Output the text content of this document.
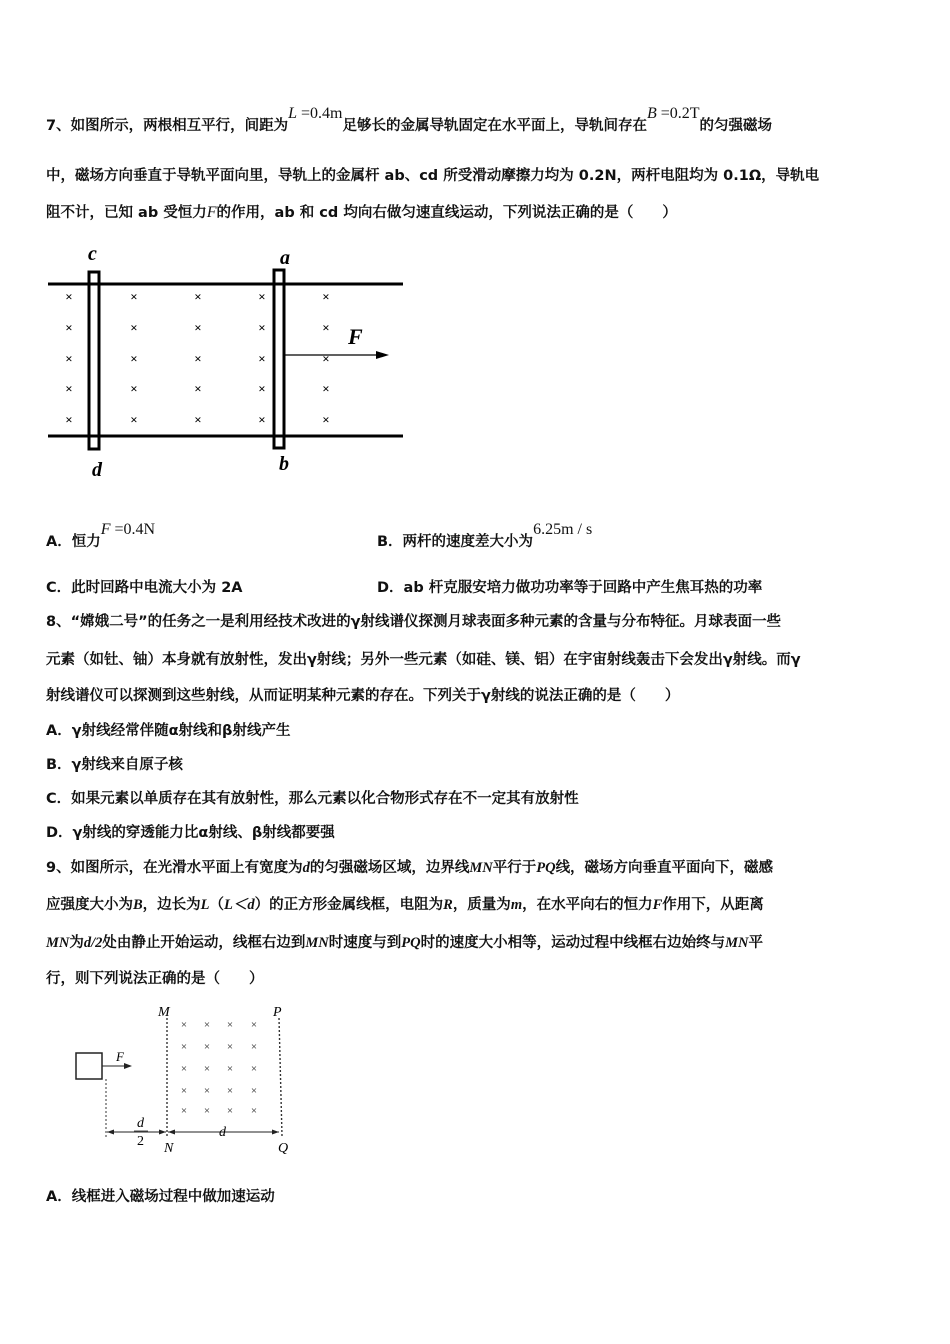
7、如图所示，两根相互平行，间距为L =0.4m足够长的金属导轨固定在水平面上，导轨间存在B =0.2T的匀强磁场
中，磁场方向垂直于导轨平面向里，导轨上的金属杆 ab、cd 所受滑动摩擦力均为 0.2N，两杆电阻均为 0.1Ω，导轨电
阻不计，已知 ab 受恒力F的作用，ab 和 cd 均向右做匀速直线运动，下列说法正确的是（　　）
c	a
d	b
F
×
×
×
×
×
×
×
×
×
×
×
×
×
×
×
×
×
×
×
×
×
×
×
×
×
A．恒力F =0.4N
B．两杆的速度差大小为6.25m / s
C．此时回路中电流大小为 2A	D．ab 杆克服安培力做功功率等于回路中产生焦耳热的功率
8、“嫦娥二号”的任务之一是利用经技术改进的γ射线谱仪探测月球表面多种元素的含量与分布特征。月球表面一些
元素（如钍、铀）本身就有放射性，发出γ射线；另外一些元素（如硅、镁、铝）在宇宙射线轰击下会发出γ射线。而γ
射线谱仪可以探测到这些射线，从而证明某种元素的存在。下列关于γ射线的说法正确的是（　　）
A．γ射线经常伴随α射线和β射线产生
B．γ射线来自原子核
C．如果元素以单质存在其有放射性，那么元素以化合物形式存在不一定其有放射性
D．γ射线的穿透能力比α射线、β射线都要强
9、如图所示，在光滑水平面上有宽度为d的匀强磁场区域，边界线MN平行于PQ线，磁场方向垂直平面向下，磁感
应强度大小为B，边长为L（L＜d）的正方形金属线框，电阻为R，质量为m，在水平向右的恒力F作用下，从距离
MN为d/2处由静止开始运动，线框右边到MN时速度与到PQ时的速度大小相等，运动过程中线框右边始终与MN平
行，则下列说法正确的是（　　）
M	P
F
d
2
d
N	Q
×
×
×
×
×
×
×
×
×
×
×
×
×
×
×
×
×
×
×
×
A．线框进入磁场过程中做加速运动
